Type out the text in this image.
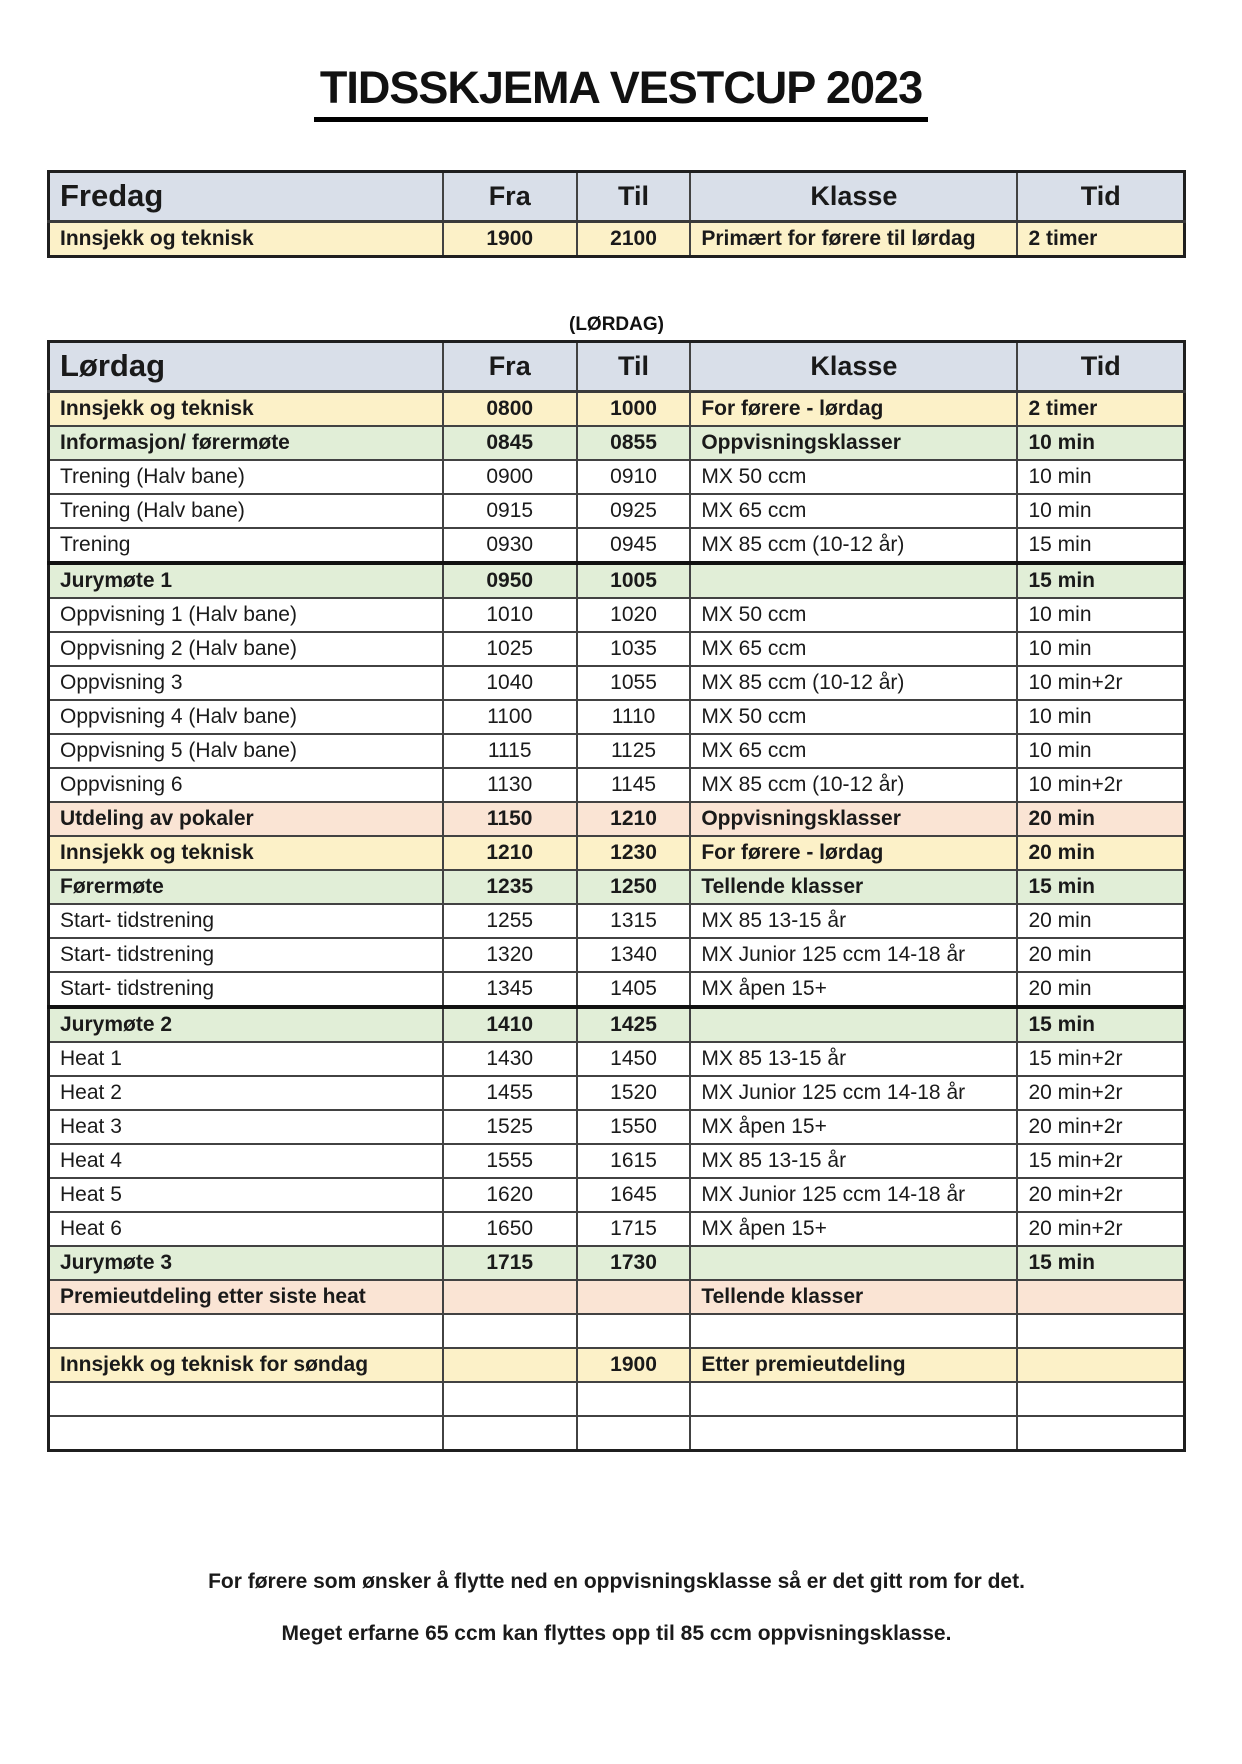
TIDSSKJEMA VESTCUP 2023
Fredag	Fra	Til	Klasse	Tid
Innsjekk og teknisk	1900	2100	Primært for førere til lørdag	2 timer
(LØRDAG)
Lørdag	Fra	Til	Klasse	Tid
Innsjekk og teknisk	0800	1000	For førere - lørdag	2 timer
Informasjon/ førermøte	0845	0855	Oppvisningsklasser	10 min
Trening (Halv bane)	0900	0910	MX 50 ccm	10 min
Trening (Halv bane)	0915	0925	MX 65 ccm	10 min
Trening	0930	0945	MX 85 ccm (10-12 år)	15 min
Jurymøte 1	0950	1005		15 min
Oppvisning 1 (Halv bane)	1010	1020	MX 50 ccm	10 min
Oppvisning 2 (Halv bane)	1025	1035	MX 65 ccm	10 min
Oppvisning 3	1040	1055	MX 85 ccm (10-12 år)	10 min+2r
Oppvisning 4 (Halv bane)	1100	1110	MX 50 ccm	10 min
Oppvisning 5 (Halv bane)	1115	1125	MX 65 ccm	10 min
Oppvisning 6	1130	1145	MX 85 ccm (10-12 år)	10 min+2r
Utdeling av pokaler	1150	1210	Oppvisningsklasser	20 min
Innsjekk og teknisk	1210	1230	For førere - lørdag	20 min
Førermøte	1235	1250	Tellende klasser	15 min
Start- tidstrening	1255	1315	MX 85 13-15 år	20 min
Start- tidstrening	1320	1340	MX Junior 125 ccm 14-18 år	20 min
Start- tidstrening	1345	1405	MX åpen 15+	20 min
Jurymøte 2	1410	1425		15 min
Heat 1	1430	1450	MX 85 13-15 år	15 min+2r
Heat 2	1455	1520	MX Junior 125 ccm 14-18 år	20 min+2r
Heat 3	1525	1550	MX åpen 15+	20 min+2r
Heat 4	1555	1615	MX 85 13-15 år	15 min+2r
Heat 5	1620	1645	MX Junior 125 ccm 14-18 år	20 min+2r
Heat 6	1650	1715	MX åpen 15+	20 min+2r
Jurymøte 3	1715	1730		15 min
Premieutdeling etter siste heat			Tellende klasser	

Innsjekk og teknisk for søndag		1900	Etter premieutdeling	

For førere som ønsker å flytte ned en oppvisningsklasse så er det gitt rom for det.
Meget erfarne 65 ccm kan flyttes opp til 85 ccm oppvisningsklasse.
